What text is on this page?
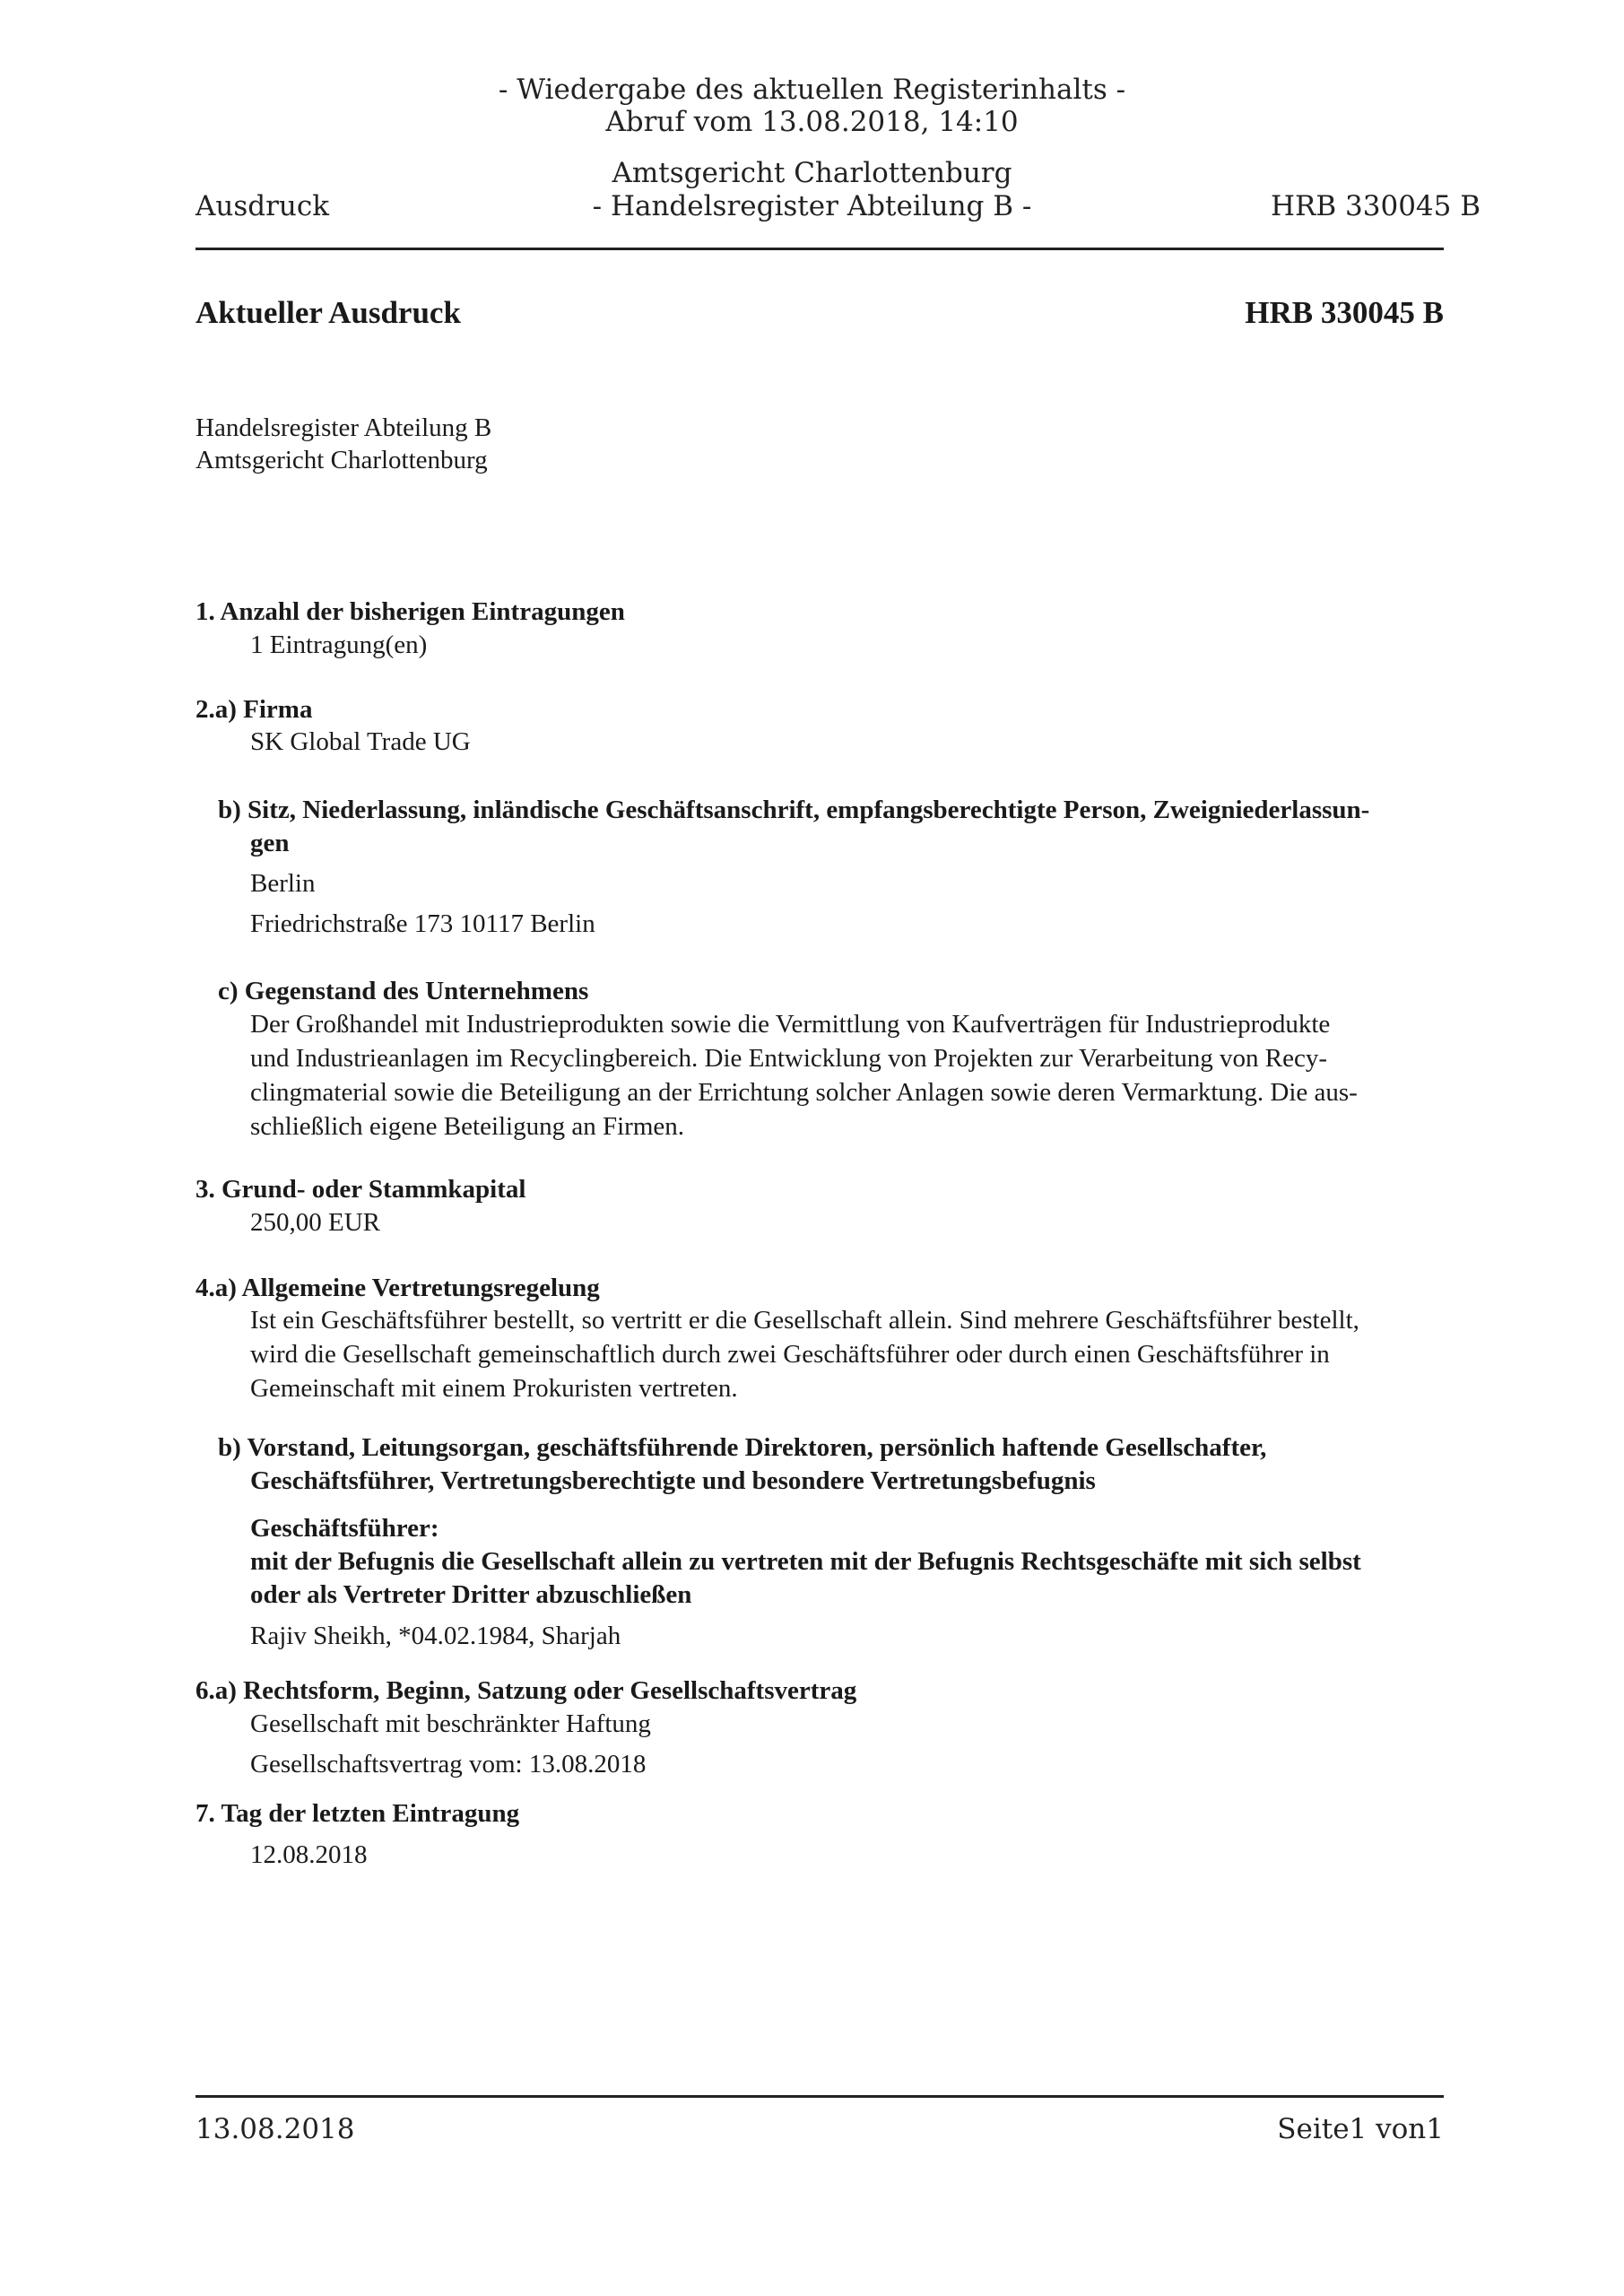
- Wiedergabe des aktuellen Registerinhalts -
Abruf vom 13.08.2018, 14:10
Amtsgericht Charlottenburg
Ausdruck	- Handelsregister Abteilung B -	HRB 330045 B
Aktueller Ausdruck	HRB 330045 B
Handelsregister Abteilung B
Amtsgericht Charlottenburg
1. Anzahl der bisherigen Eintragungen
1 Eintragung(en)
2.a) Firma
SK Global Trade UG
b) Sitz, Niederlassung, inländische Geschäftsanschrift, empfangsberechtigte Person, Zweigniederlassun-
gen
Berlin
Friedrichstraße 173 10117 Berlin
c) Gegenstand des Unternehmens
Der Großhandel mit Industrieprodukten sowie die Vermittlung von Kaufverträgen für Industrieprodukte
und Industrieanlagen im Recyclingbereich. Die Entwicklung von Projekten zur Verarbeitung von Recy-
clingmaterial sowie die Beteiligung an der Errichtung solcher Anlagen sowie deren Vermarktung. Die aus-
schließlich eigene Beteiligung an Firmen.
3. Grund- oder Stammkapital
250,00 EUR
4.a) Allgemeine Vertretungsregelung
Ist ein Geschäftsführer bestellt, so vertritt er die Gesellschaft allein. Sind mehrere Geschäftsführer bestellt,
wird die Gesellschaft gemeinschaftlich durch zwei Geschäftsführer oder durch einen Geschäftsführer in
Gemeinschaft mit einem Prokuristen vertreten.
b) Vorstand, Leitungsorgan, geschäftsführende Direktoren, persönlich haftende Gesellschafter,
Geschäftsführer, Vertretungsberechtigte und besondere Vertretungsbefugnis
Geschäftsführer:
mit der Befugnis die Gesellschaft allein zu vertreten mit der Befugnis Rechtsgeschäfte mit sich selbst
oder als Vertreter Dritter abzuschließen
Rajiv Sheikh, *04.02.1984, Sharjah
6.a) Rechtsform, Beginn, Satzung oder Gesellschaftsvertrag
Gesellschaft mit beschränkter Haftung
Gesellschaftsvertrag vom: 13.08.2018
7. Tag der letzten Eintragung
12.08.2018
13.08.2018	Seite1 von1
